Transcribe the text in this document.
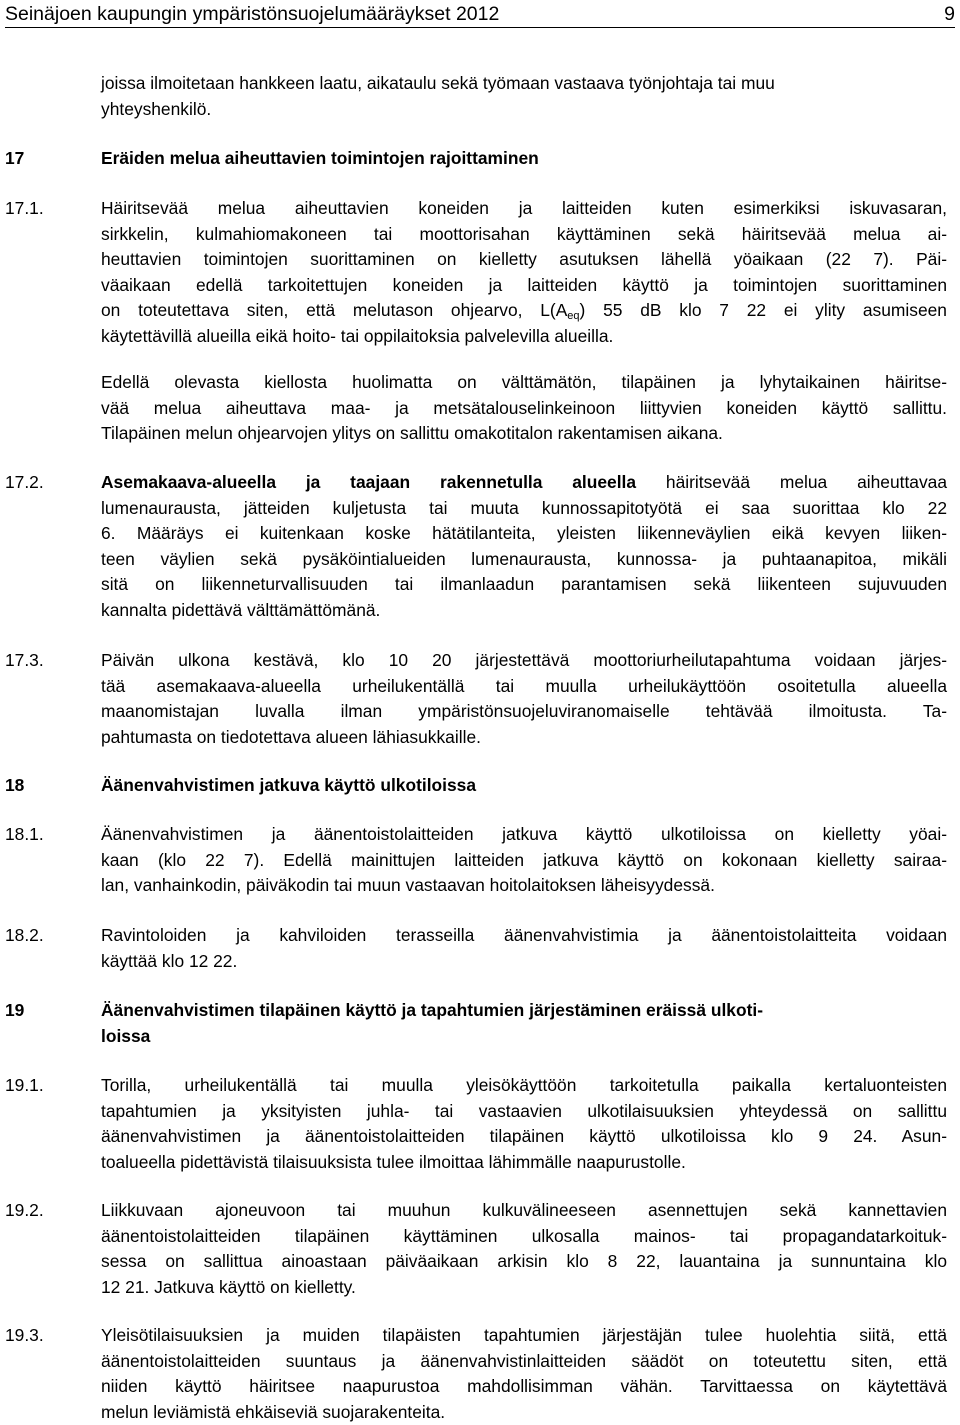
Seinäjoen kaupungin ympäristönsuojelumääräykset 2012	9
joissa ilmoitetaan hankkeen laatu, aikataulu sekä työmaan vastaava työnjohtaja tai muu
yhteyshenkilö.
17	Eräiden melua aiheuttavien toimintojen rajoittaminen
17.1.	Häiritsevää melua aiheuttavien koneiden ja laitteiden kuten esimerkiksi iskuvasaran,
sirkkelin, kulmahiomakoneen tai moottorisahan käyttäminen sekä häiritsevää melua ai-
heuttavien toimintojen suorittaminen on kielletty asutuksen lähellä yöaikaan (22 7). Päi-
väaikaan edellä tarkoitettujen koneiden ja laitteiden käyttö ja toimintojen suorittaminen
on toteutettava siten, että melutason ohjearvo, $L(A_{eq})$ 55 dB klo 7 22 ei ylity asumiseen
käytettävillä alueilla eikä hoito- tai oppilaitoksia palvelevilla alueilla.
Edellä olevasta kiellosta huolimatta on välttämätön, tilapäinen ja lyhytaikainen häiritse-
vää melua aiheuttava maa- ja metsätalouselinkeinoon liittyvien koneiden käyttö sallittu.
Tilapäinen melun ohjearvojen ylitys on sallittu omakotitalon rakentamisen aikana.
17.2.	Asemakaava-alueella ja taajaan rakennetulla alueella häiritsevää melua aiheuttavaa
lumenaurausta, jätteiden kuljetusta tai muuta kunnossapitotyötä ei saa suorittaa klo 22
6. Määräys ei kuitenkaan koske hätätilanteita, yleisten liikenneväylien eikä kevyen liiken-
teen väylien sekä pysäköintialueiden lumenaurausta, kunnossa- ja puhtaanapitoa, mikäli
sitä on liikenneturvallisuuden tai ilmanlaadun parantamisen sekä liikenteen sujuvuuden
kannalta pidettävä välttämättömänä.
17.3.	Päivän ulkona kestävä, klo 10 20 järjestettävä moottoriurheilutapahtuma voidaan järjes-
tää asemakaava-alueella urheilukentällä tai muulla urheilukäyttöön osoitetulla alueella
maanomistajan luvalla ilman ympäristönsuojeluviranomaiselle tehtävää ilmoitusta. Ta-
pahtumasta on tiedotettava alueen lähiasukkaille.
18	Äänenvahvistimen jatkuva käyttö ulkotiloissa
18.1.	Äänenvahvistimen ja äänentoistolaitteiden jatkuva käyttö ulkotiloissa on kielletty yöai-
kaan (klo 22 7). Edellä mainittujen laitteiden jatkuva käyttö on kokonaan kielletty sairaa-
lan, vanhainkodin, päiväkodin tai muun vastaavan hoitolaitoksen läheisyydessä.
18.2.	Ravintoloiden ja kahviloiden terasseilla äänenvahvistimia ja äänentoistolaitteita voidaan
käyttää klo 12 22.
19	Äänenvahvistimen tilapäinen käyttö ja tapahtumien järjestäminen eräissä ulkoti-
loissa
19.1.	Torilla, urheilukentällä tai muulla yleisökäyttöön tarkoitetulla paikalla kertaluonteisten
tapahtumien ja yksityisten juhla- tai vastaavien ulkotilaisuuksien yhteydessä on sallittu
äänenvahvistimen ja äänentoistolaitteiden tilapäinen käyttö ulkotiloissa klo 9 24. Asun-
toalueella pidettävistä tilaisuuksista tulee ilmoittaa lähimmälle naapurustolle.
19.2.	Liikkuvaan ajoneuvoon tai muuhun kulkuvälineeseen asennettujen sekä kannettavien
äänentoistolaitteiden tilapäinen käyttäminen ulkosalla mainos- tai propagandatarkoituk-
sessa on sallittua ainoastaan päiväaikaan arkisin klo 8 22, lauantaina ja sunnuntaina klo
12 21. Jatkuva käyttö on kielletty.
19.3.	Yleisötilaisuuksien ja muiden tilapäisten tapahtumien järjestäjän tulee huolehtia siitä, että
äänentoistolaitteiden suuntaus ja äänenvahvistinlaitteiden säädöt on toteutettu siten, että
niiden käyttö häiritsee naapurustoa mahdollisimman vähän. Tarvittaessa on käytettävä
melun leviämistä ehkäiseviä suojarakenteita.
